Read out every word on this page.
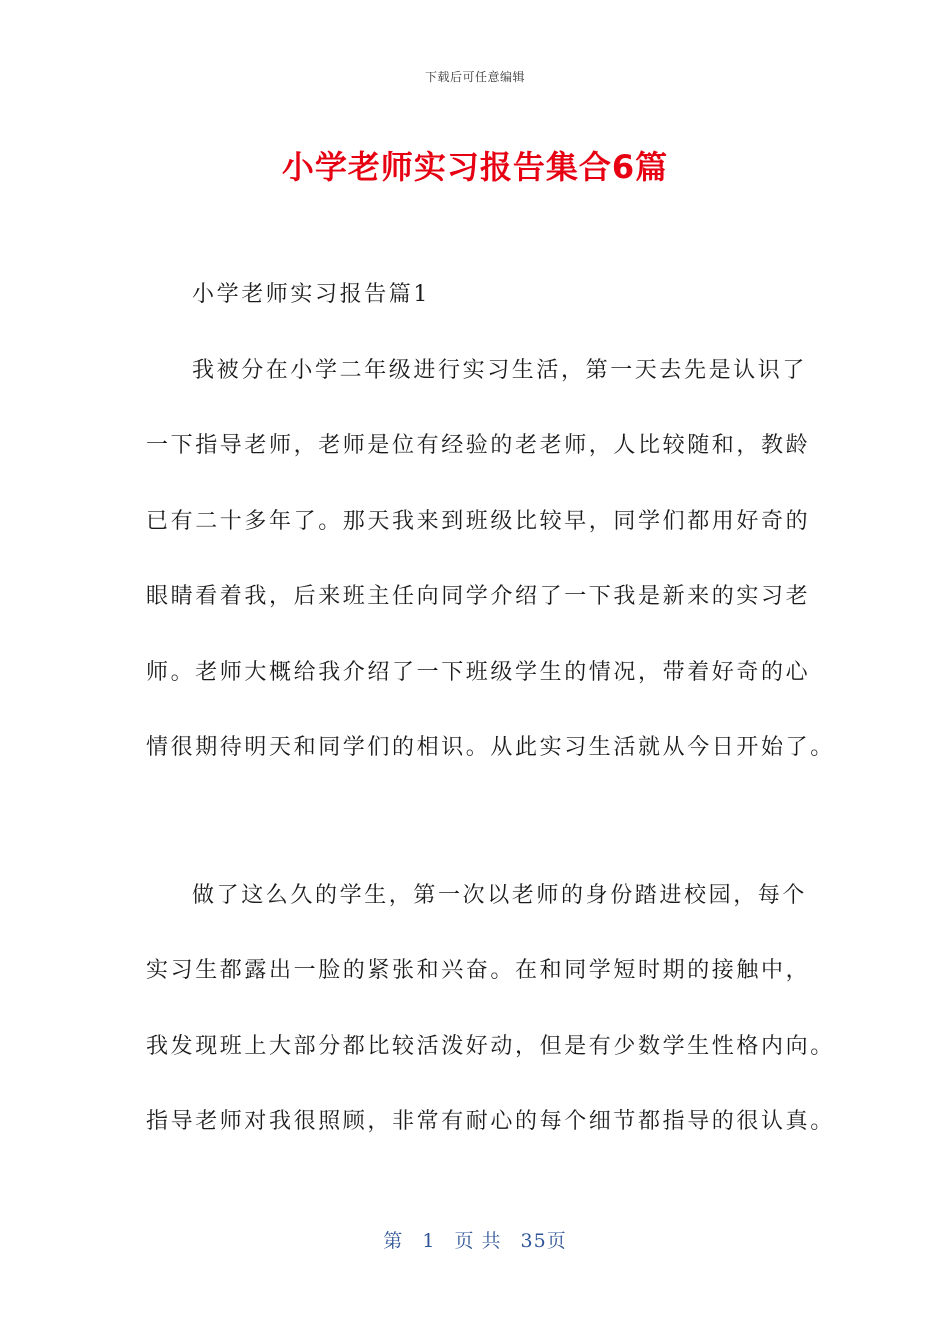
下载后可任意编辑
小学老师实习报告集合6篇
小学老师实习报告篇1
我被分在小学二年级进行实习生活，第一天去先是认识了
一下指导老师，老师是位有经验的老老师，人比较随和，教龄
已有二十多年了。那天我来到班级比较早，同学们都用好奇的
眼睛看着我，后来班主任向同学介绍了一下我是新来的实习老
师。老师大概给我介绍了一下班级学生的情况，带着好奇的心
情很期待明天和同学们的相识。从此实习生活就从今日开始了。
做了这么久的学生，第一次以老师的身份踏进校园，每个
实习生都露出一脸的紧张和兴奋。在和同学短时期的接触中，
我发现班上大部分都比较活泼好动，但是有少数学生性格内向。
指导老师对我很照顾，非常有耐心的每个细节都指导的很认真。
第 1 页 共 35页
